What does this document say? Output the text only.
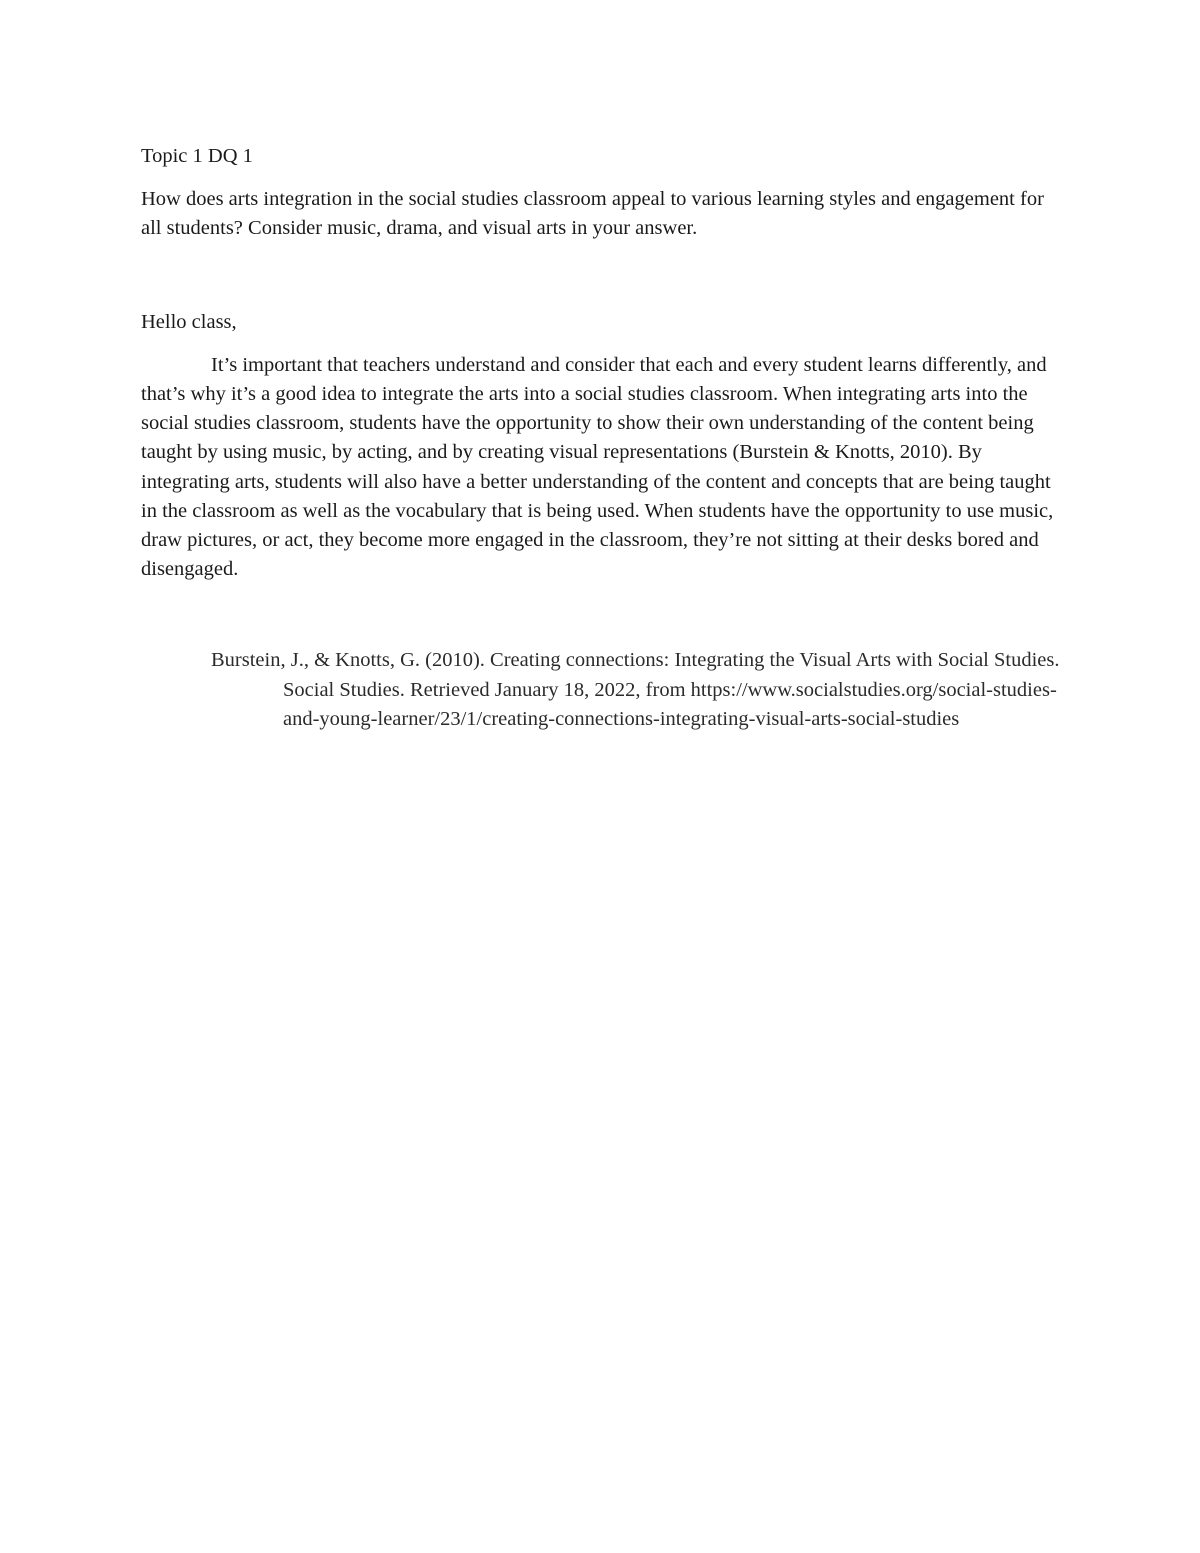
Topic 1 DQ 1

How does arts integration in the social studies classroom appeal to various learning styles and engagement for all students? Consider music, drama, and visual arts in your answer.

Hello class,

It’s important that teachers understand and consider that each and every student learns differently, and that’s why it’s a good idea to integrate the arts into a social studies classroom. When integrating arts into the social studies classroom, students have the opportunity to show their own understanding of the content being taught by using music, by acting, and by creating visual representations (Burstein & Knotts, 2010). By integrating arts, students will also have a better understanding of the content and concepts that are being taught in the classroom as well as the vocabulary that is being used. When students have the opportunity to use music, draw pictures, or act, they become more engaged in the classroom, they’re not sitting at their desks bored and disengaged.

Burstein, J., & Knotts, G. (2010). Creating connections: Integrating the Visual Arts with Social Studies. Social Studies. Retrieved January 18, 2022, from https://www.socialstudies.org/social-studies-and-young-learner/23/1/creating-connections-integrating-visual-arts-social-studies
